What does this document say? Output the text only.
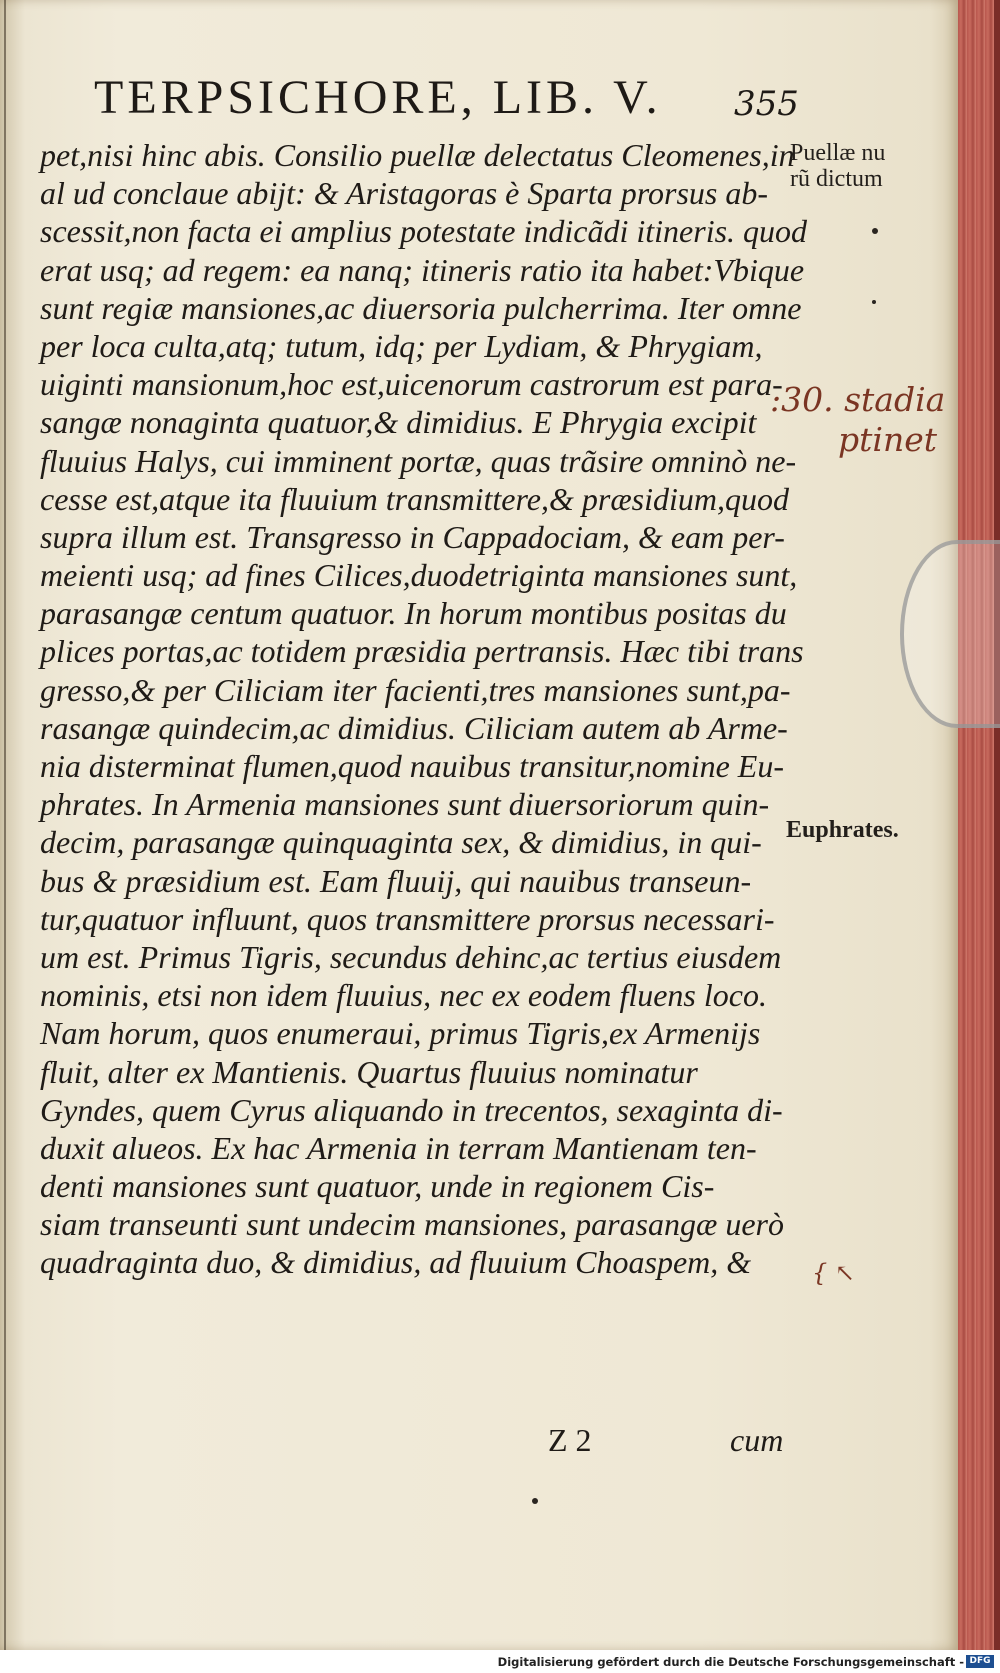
TERPSICHORE, LIB. V.	355
pet,nisi hinc abis. Consilio puellæ delectatus Cleomenes,in
al ud conclaue abijt: & Aristagoras è Sparta prorsus ab-
scessit,non facta ei amplius potestate indicãdi itineris. quod
erat usq; ad regem: ea nanq; itineris ratio ita habet:Vbique
sunt regiæ mansiones,ac diuersoria pulcherrima. Iter omne
per loca culta,atq; tutum, idq; per Lydiam, & Phrygiam,
uiginti mansionum,hoc est,uicenorum castrorum est para-
sangæ nonaginta quatuor,& dimidius. E Phrygia excipit
fluuius Halys, cui imminent portæ, quas trãsire omninò ne-
cesse est,atque ita fluuium transmittere,& præsidium,quod
supra illum est. Transgresso in Cappadociam, & eam per-
meienti usq; ad fines Cilices,duodetriginta mansiones sunt,
parasangæ centum quatuor. In horum montibus positas du
plices portas,ac totidem præsidia pertransis. Hæc tibi trans
gresso,& per Ciliciam iter facienti,tres mansiones sunt,pa-
rasangæ quindecim,ac dimidius. Ciliciam autem ab Arme-
nia disterminat flumen,quod nauibus transitur,nomine Eu-
phrates. In Armenia mansiones sunt diuersoriorum quin-
decim, parasangæ quinquaginta sex, & dimidius, in qui-
bus & præsidium est. Eam fluuij, qui nauibus transeun-
tur,quatuor influunt, quos transmittere prorsus necessari-
um est. Primus Tigris, secundus dehinc,ac tertius eiusdem
nominis, etsi non idem fluuius, nec ex eodem fluens loco.
Nam horum, quos enumeraui, primus Tigris,ex Armenijs
fluit, alter ex Mantienis. Quartus fluuius nominatur
Gyndes, quem Cyrus aliquando in trecentos, sexaginta di-
duxit alueos. Ex hac Armenia in terram Mantienam ten-
denti mansiones sunt quatuor, unde in regionem Cis-
siam transeunti sunt undecim mansiones, parasangæ uerò
quadraginta duo, & dimidius, ad fluuium Choaspem, &
Z 2	cum
Puellæ nu
rũ dictum
Euphrates.
:30. stadia
ptinet
{ ↖
Digitalisierung gefördert durch die Deutsche Forschungsgemeinschaft - DFG
